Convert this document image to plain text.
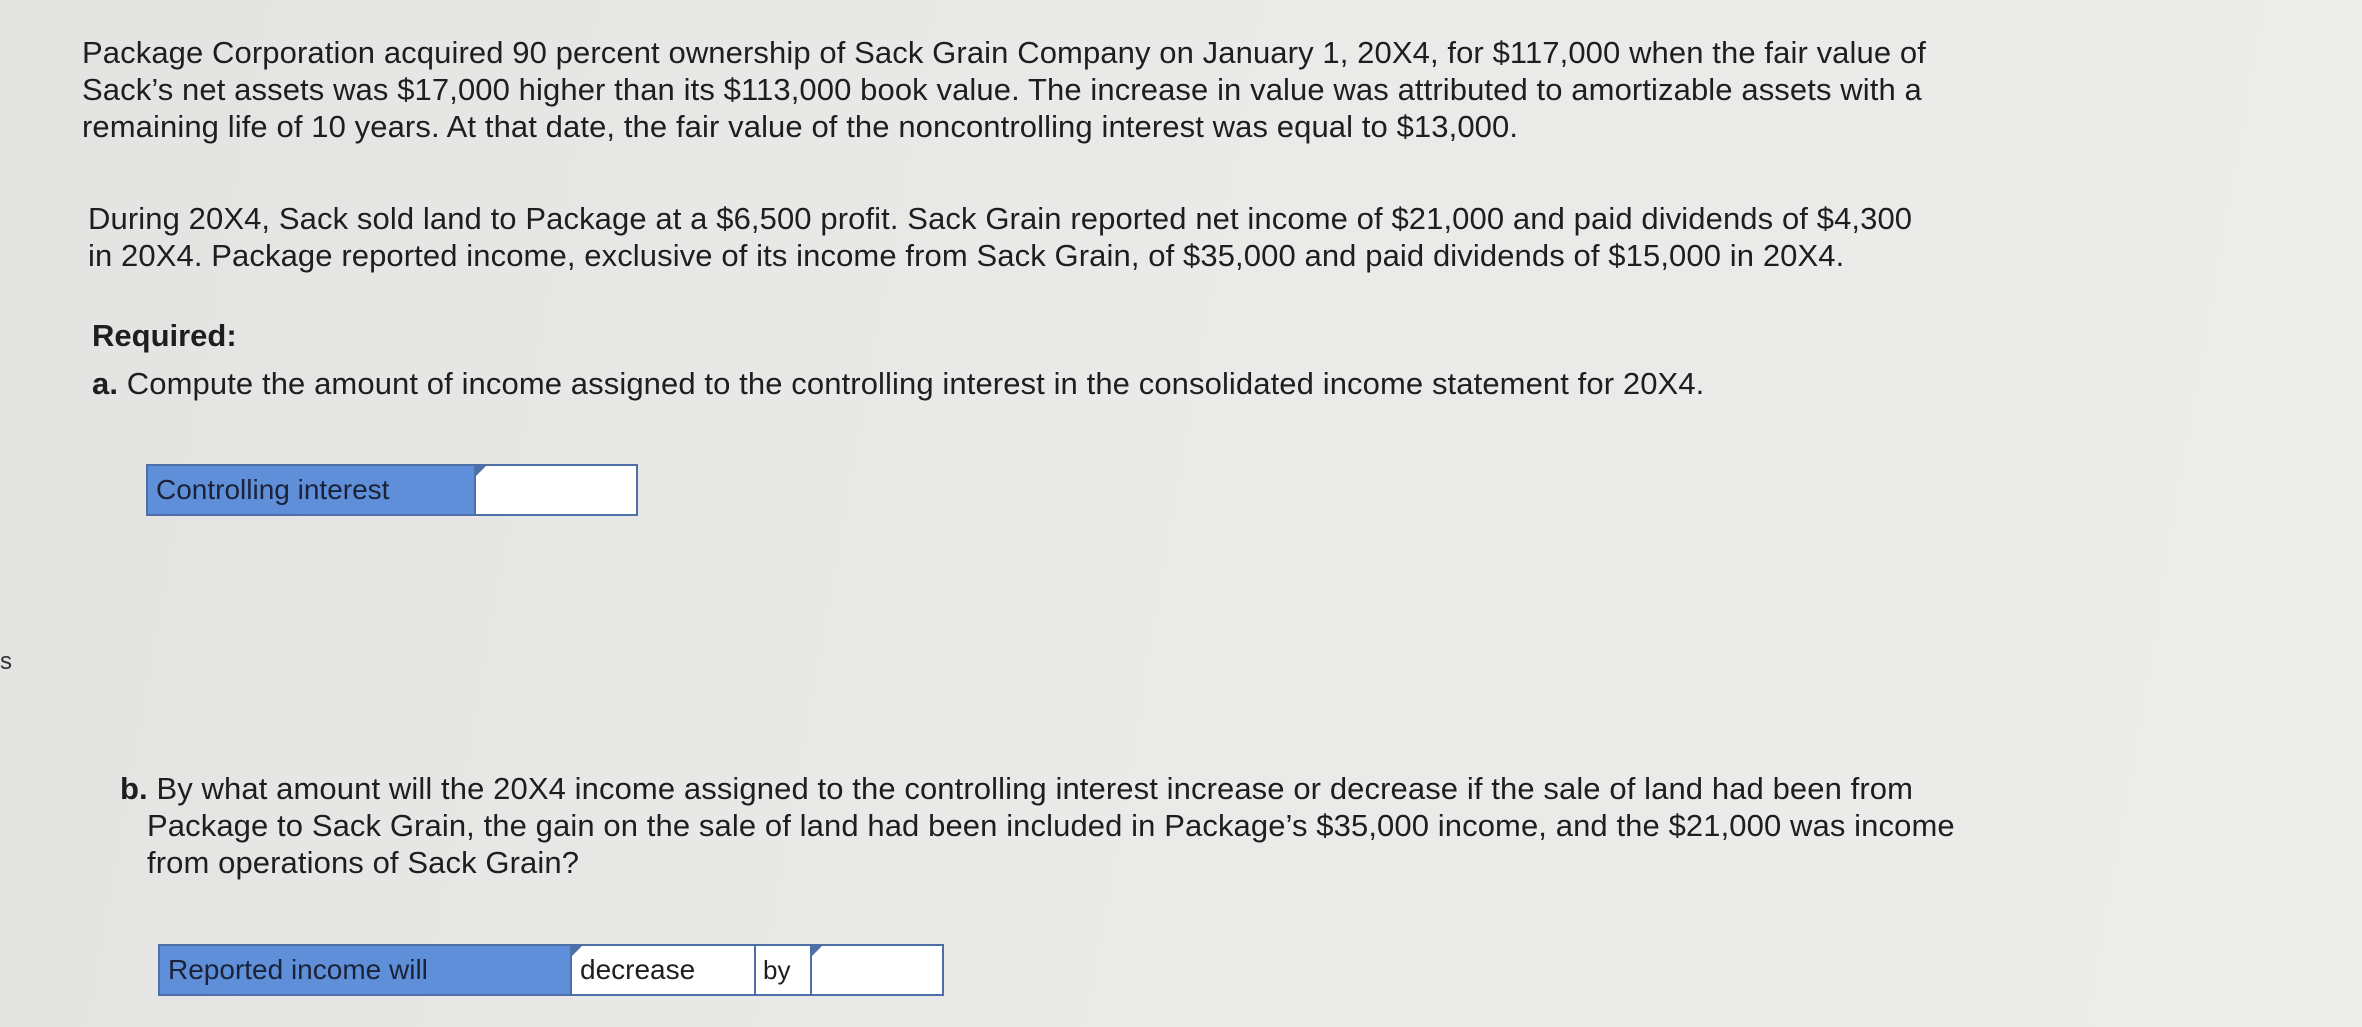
s
Package Corporation acquired 90 percent ownership of Sack Grain Company on January 1, 20X4, for $117,000 when the fair value of
Sack’s net assets was $17,000 higher than its $113,000 book value. The increase in value was attributed to amortizable assets with a
remaining life of 10 years. At that date, the fair value of the noncontrolling interest was equal to $13,000.
During 20X4, Sack sold land to Package at a $6,500 profit. Sack Grain reported net income of $21,000 and paid dividends of $4,300
in 20X4. Package reported income, exclusive of its income from Sack Grain, of $35,000 and paid dividends of $15,000 in 20X4.
Required:
a. Compute the amount of income assigned to the controlling interest in the consolidated income statement for 20X4.
Controlling interest
b. By what amount will the 20X4 income assigned to the controlling interest increase or decrease if the sale of land had been from
Package to Sack Grain, the gain on the sale of land had been included in Package’s $35,000 income, and the $21,000 was income
from operations of Sack Grain?
Reported income will	decrease	by
